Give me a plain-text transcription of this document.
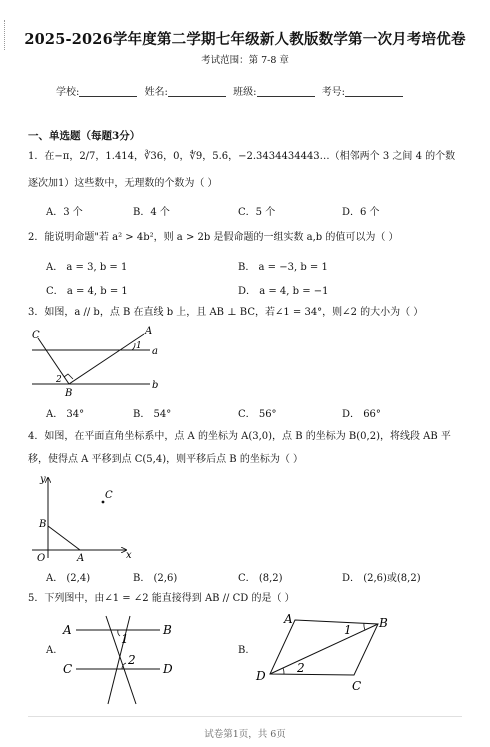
2025-2026学年度第二学期七年级新人教版数学第一次月考培优卷
考试范围：第 7-8 章
学校:	姓名:	班级:	考号:
一、单选题（每题3分）
1．在−π，2/7，1.414，∛36，0，∜9，5.6̇，−2.3434434443…（相邻两个 3 之间 4 的个数
逐次加1）这些数中，无理数的个数为（ ）
A．3 个	B．4 个	C．5 个	D．6 个
2．能说明命题"若 a² > 4b²，则 a > 2b 是假命题的一组实数 a,b 的值可以为（ ）
A． a = 3, b = 1	B． a = −3, b = 1
C． a = 4, b = 1	D． a = 4, b = −1
3．如图，a // b，点 B 在直线 b 上，且 AB ⊥ BC，若∠1 = 34°，则∠2 的大小为（ ）
C	A
a
b
B
1
2
A． 34°	B． 54°	C． 56°	D． 66°
4．如图，在平面直角坐标系中，点 A 的坐标为 A(3,0)，点 B 的坐标为 B(0,2)，将线段 AB 平
移，使得点 A 平移到点 C(5,4)，则平移后点 B 的坐标为（ ）
y
x
O	A
B
C
A． (2,4)	B． (2,6)	C． (8,2)	D． (2,6)或(8,2)
5．下列图中，由∠1 = ∠2 能直接得到 AB // CD 的是（ ）
A.
A	B
C	D
1
2
B.
A	B
C
D
1
2
试卷第1页，共 6页
